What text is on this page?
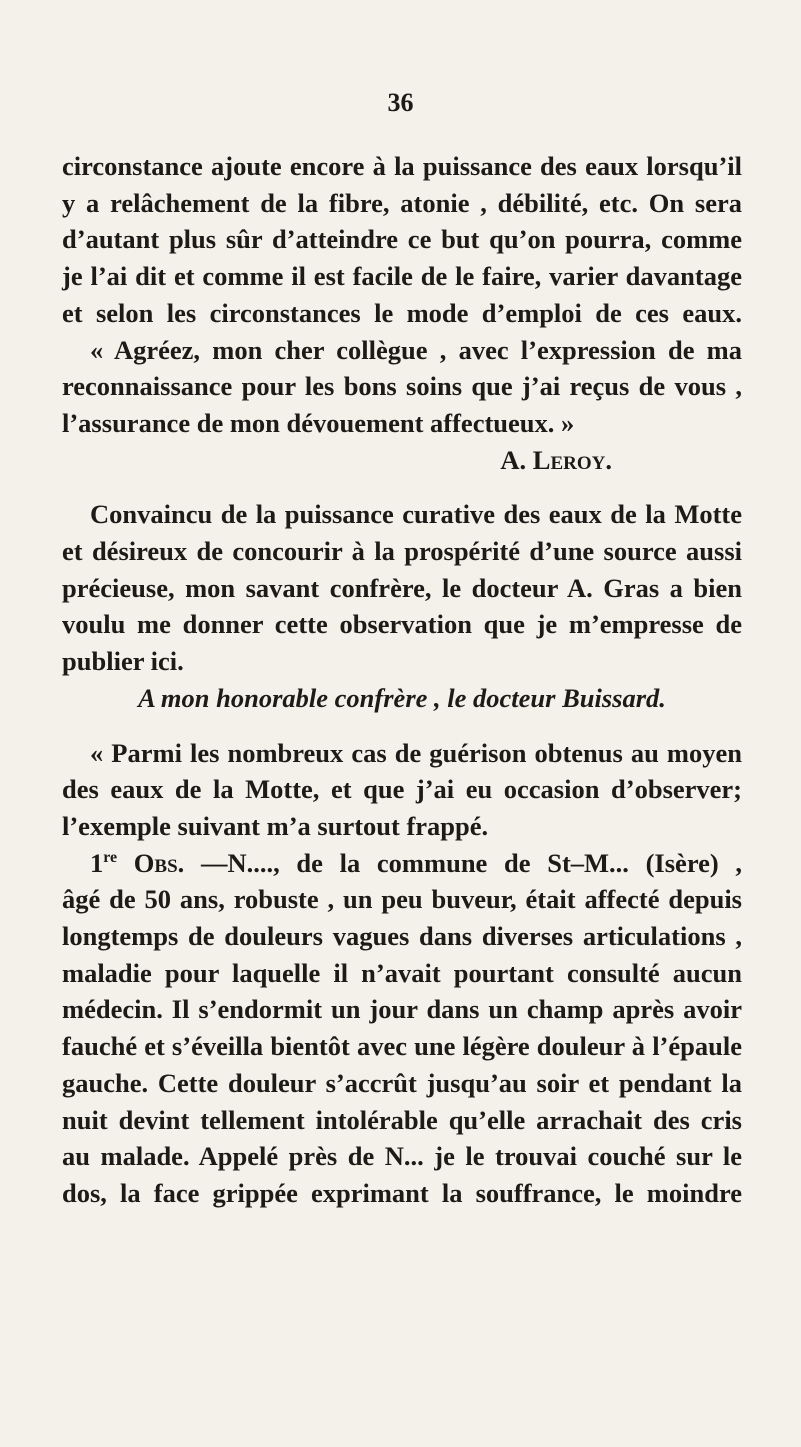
36

circonstance ajoute encore à la puissance des eaux lorsqu’il
y a relâchement de la fibre, atonie , débilité, etc. On sera
d’autant plus sûr d’atteindre ce but qu’on pourra, comme
je l’ai dit et comme il est facile de le faire, varier davantage
et selon les circonstances le mode d’emploi de ces eaux.

« Agréez, mon cher collègue , avec l’expression de ma
reconnaissance pour les bons soins que j’ai reçus de vous ,
l’assurance de mon dévouement affectueux. »

A. Leroy.

Convaincu de la puissance curative des eaux de la Motte
et désireux de concourir à la prospérité d’une source aussi
précieuse, mon savant confrère, le docteur A. Gras a bien
voulu me donner cette observation que je m’empresse de
publier ici.

A mon honorable confrère , le docteur Buissard.

« Parmi les nombreux cas de guérison obtenus au moyen
des eaux de la Motte, et que j’ai eu occasion d’observer;
l’exemple suivant m’a surtout frappé.

1re Obs. —N...., de la commune de St–M... (Isère) ,
âgé de 50 ans, robuste , un peu buveur, était affecté depuis
longtemps de douleurs vagues dans diverses articulations ,
maladie pour laquelle il n’avait pourtant consulté aucun
médecin. Il s’endormit un jour dans un champ après avoir
fauché et s’éveilla bientôt avec une légère douleur à l’épaule
gauche. Cette douleur s’accrût jusqu’au soir et pendant la
nuit devint tellement intolérable qu’elle arrachait des cris
au malade. Appelé près de N... je le trouvai couché sur le
dos, la face grippée exprimant la souffrance, le moindre
